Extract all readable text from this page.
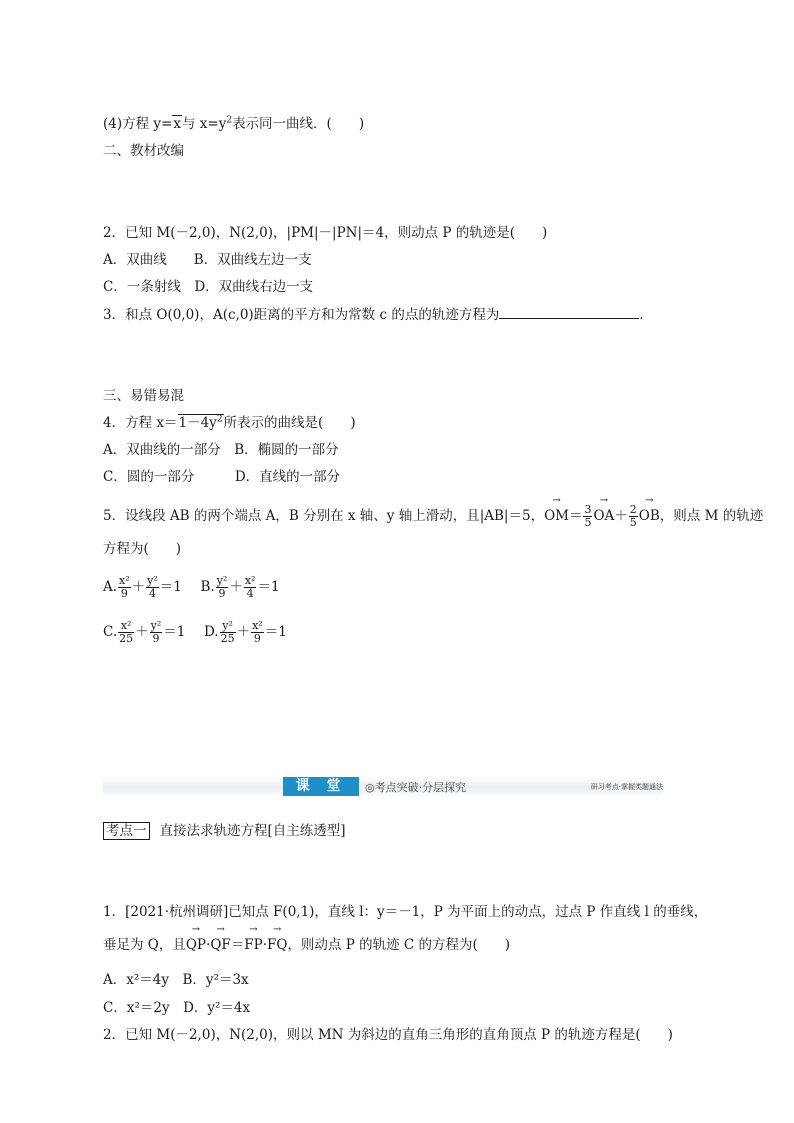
(4)方程 y=x与 $x=y^2$表示同一曲线．(　　)
二、教材改编
2．已知 M(－2,0)，N(2,0)，|PM|－|PN|＝4，则动点 P 的轨迹是(　　)
A．双曲线　　B．双曲线左边一支
C．一条射线　D．双曲线右边一支
3．和点 O(0,0)，A(c,0)距离的平方和为常数 c 的点的轨迹方程为	．
三、易错易混
4．方程 $x=1-4y^2$所表示的曲线是(　　)
A．双曲线的一部分　B．椭圆的一部分
C．圆的一部分　　　D．直线的一部分
5．设线段 AB 的两个端点 A，B 分别在 x 轴、y 轴上滑动，且|AB|＝5，→ $OM= \frac{3}{5}$
→ $OA+ \frac{2}{5}$
→ OB，则点 M 的轨迹
方程为(　　)
A. $\frac{\text{x²}}{9} + \frac{\text{y²}}{4} =1$ B. $\frac{\text{y²}}{9} + \frac{\text{x²}}{4} =1$
C. $\frac{\text{x²}}{25} + \frac{\text{y²}}{9} =1$ D. $\frac{\text{y²}}{25} + \frac{\text{x²}}{9} =1$
课 堂	◎考点突破·分层探究	研习考点·掌握类题通法
考点一 直接法求轨迹方程[自主练透型]
1．[2021·杭州调研]已知点 F(0,1)，直线 l：y＝－1，P 为平面上的动点，过点 P 作直线 l 的垂线，
垂足为 Q，且→ QP·→ QF＝→ FP·→ FQ，则动点 P 的轨迹 C 的方程为(　　)
A．x²＝4y　B．y²＝3x
C．x²＝2y　D．y²＝4x
2．已知 M(－2,0)，N(2,0)，则以 MN 为斜边的直角三角形的直角顶点 P 的轨迹方程是(　　)
